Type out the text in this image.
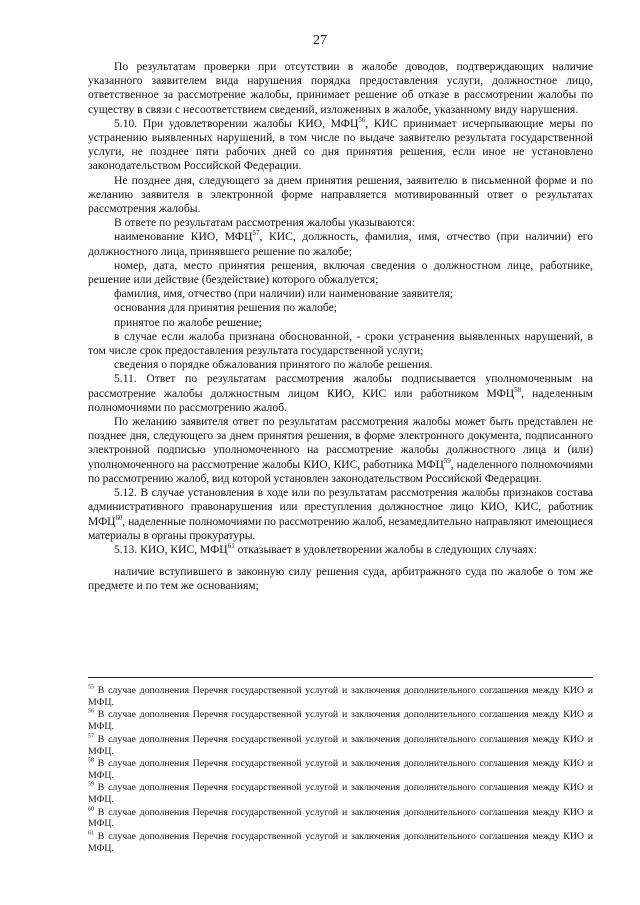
27

По результатам проверки при отсутствии в жалобе доводов, подтверждающих наличие указанного заявителем вида нарушения порядка предоставления услуги, должностное лицо, ответственное за рассмотрение жалобы, принимает решение об отказе в рассмотрении жалобы по существу в связи с несоответствием сведений, изложенных в жалобе, указанному виду нарушения.

5.10. При удовлетворении жалобы КИО, МФЦ$^{56}$, КИС принимает исчерпывающие меры по устранению выявленных нарушений, в том числе по выдаче заявителю результата государственной услуги, не позднее пяти рабочих дней со дня принятия решения, если иное не установлено законодательством Российской Федерации.

Не позднее дня, следующего за днем принятия решения, заявителю в письменной форме и по желанию заявителя в электронной форме направляется мотивированный ответ о результатах рассмотрения жалобы.

В ответе по результатам рассмотрения жалобы указываются:

наименование КИО, МФЦ$^{57}$, КИС, должность, фамилия, имя, отчество (при наличии) его должностного лица, принявшего решение по жалобе;

номер, дата, место принятия решения, включая сведения о должностном лице, работнике, решение или действие (бездействие) которого обжалуется;

фамилия, имя, отчество (при наличии) или наименование заявителя;

основания для принятия решения по жалобе;

принятое по жалобе решение;

в случае если жалоба признана обоснованной, - сроки устранения выявленных нарушений, в том числе срок предоставления результата государственной услуги;

сведения о порядке обжалования принятого по жалобе решения.

5.11. Ответ по результатам рассмотрения жалобы подписывается уполномоченным на рассмотрение жалобы должностным лицом КИО, КИС или работником МФЦ$^{58}$, наделенным полномочиями по рассмотрению жалоб.

По желанию заявителя ответ по результатам рассмотрения жалобы может быть представлен не позднее дня, следующего за днем принятия решения, в форме электронного документа, подписанного электронной подписью уполномоченного на рассмотрение жалобы должностного лица и (или) уполномоченного на рассмотрение жалобы КИО, КИС, работника МФЦ$^{59}$, наделенного полномочиями по рассмотрению жалоб, вид которой установлен законодательством Российской Федерации.

5.12. В случае установления в ходе или по результатам рассмотрения жалобы признаков состава административного правонарушения или преступления должностное лицо КИО, КИС, работник МФЦ$^{60}$, наделенные полномочиями по рассмотрению жалоб, незамедлительно направляют имеющиеся материалы в органы прокуратуры.

5.13. КИО, КИС, МФЦ$^{61}$ отказывает в удовлетворении жалобы в следующих случаях:

наличие вступившего в законную силу решения суда, арбитражного суда по жалобе о том же предмете и по тем же основаниям;

$^{55}$ В случае дополнения Перечня государственной услугой и заключения дополнительного соглашения между КИО и МФЦ.
$^{56}$ В случае дополнения Перечня государственной услугой и заключения дополнительного соглашения между КИО и МФЦ.
$^{57}$ В случае дополнения Перечня государственной услугой и заключения дополнительного соглашения между КИО и МФЦ.
$^{58}$ В случае дополнения Перечня государственной услугой и заключения дополнительного соглашения между КИО и МФЦ.
$^{59}$ В случае дополнения Перечня государственной услугой и заключения дополнительного соглашения между КИО и МФЦ.
$^{60}$ В случае дополнения Перечня государственной услугой и заключения дополнительного соглашения между КИО и МФЦ.
$^{61}$ В случае дополнения Перечня государственной услугой и заключения дополнительного соглашения между КИО и МФЦ.
